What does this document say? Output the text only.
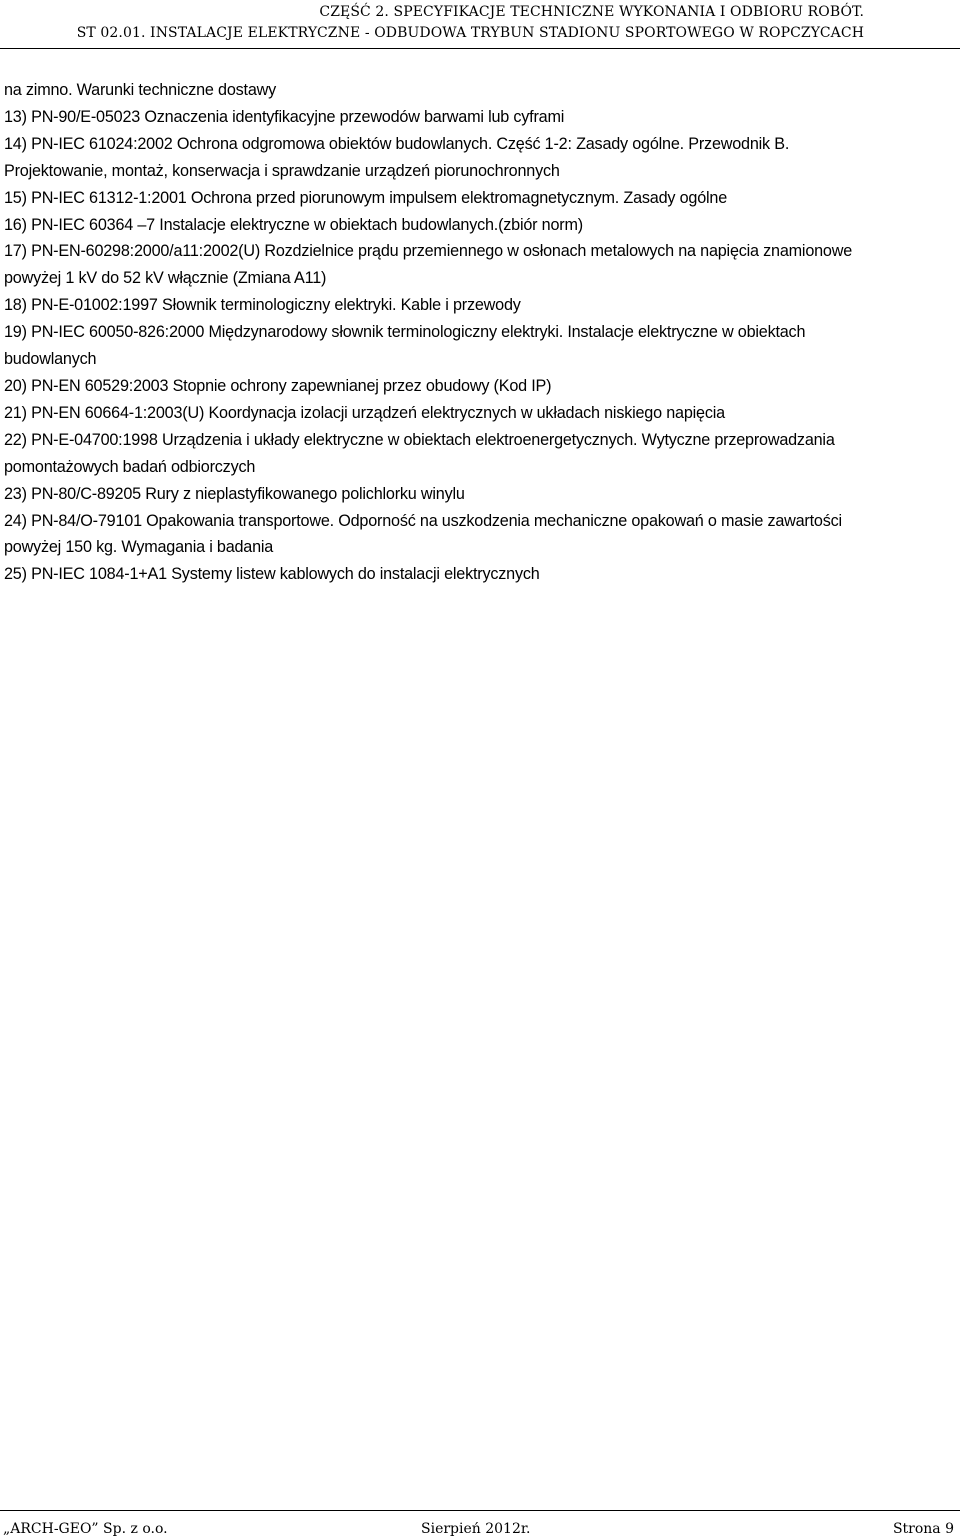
CZĘŚĆ 2. SPECYFIKACJE TECHNICZNE WYKONANIA I ODBIORU ROBÓT.
ST 02.01. INSTALACJE ELEKTRYCZNE - ODBUDOWA TRYBUN STADIONU SPORTOWEGO W ROPCZYCACH

na zimno. Warunki techniczne dostawy

13) PN-90/E-05023 Oznaczenia identyfikacyjne przewodów barwami lub cyframi

14) PN-IEC 61024:2002 Ochrona odgromowa obiektów budowlanych. Część 1-2: Zasady ogólne. Przewodnik B.

Projektowanie, montaż, konserwacja i sprawdzanie urządzeń piorunochronnych

15) PN-IEC 61312-1:2001 Ochrona przed piorunowym impulsem elektromagnetycznym. Zasady ogólne

16) PN-IEC 60364 –7 Instalacje elektryczne w obiektach budowlanych.(zbiór norm)

17) PN-EN-60298:2000/a11:2002(U) Rozdzielnice prądu przemiennego w osłonach metalowych na napięcia znamionowe

powyżej 1 kV do 52 kV włącznie (Zmiana A11)

18) PN-E-01002:1997 Słownik terminologiczny elektryki. Kable i przewody

19) PN-IEC 60050-826:2000 Międzynarodowy słownik terminologiczny elektryki. Instalacje elektryczne w obiektach

budowlanych

20) PN-EN 60529:2003 Stopnie ochrony zapewnianej przez obudowy (Kod IP)

21) PN-EN 60664-1:2003(U) Koordynacja izolacji urządzeń elektrycznych w układach niskiego napięcia

22) PN-E-04700:1998 Urządzenia i układy elektryczne w obiektach elektroenergetycznych. Wytyczne przeprowadzania

pomontażowych badań odbiorczych

23) PN-80/C-89205 Rury z nieplastyfikowanego polichlorku winylu

24) PN-84/O-79101 Opakowania transportowe. Odporność na uszkodzenia mechaniczne opakowań o masie zawartości

powyżej 150 kg. Wymagania i badania

25) PN-IEC 1084-1+A1 Systemy listew kablowych do instalacji elektrycznych

„ARCH-GEO” Sp. z o.o.	Sierpień 2012r.	Strona 9
